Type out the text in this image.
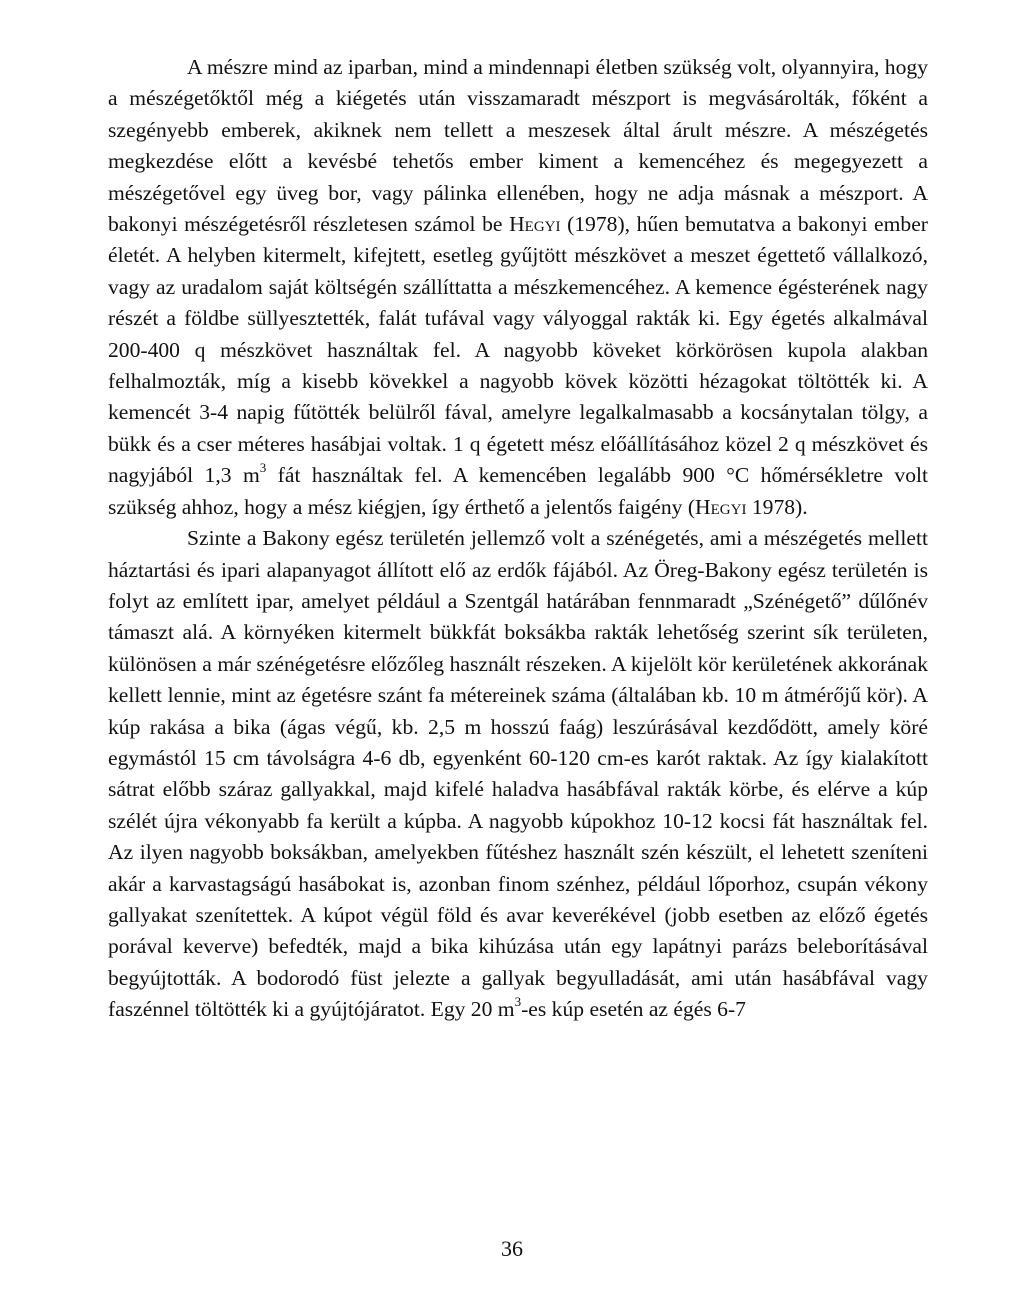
A mészre mind az iparban, mind a mindennapi életben szükség volt, olyannyira, hogy a mészégetőktől még a kiégetés után visszamaradt mészport is megvásárolták, főként a szegényebb emberek, akiknek nem tellett a meszesek által árult mészre. A mészégetés megkezdése előtt a kevésbé tehetős ember kiment a kemencéhez és megegyezett a mészégetővel egy üveg bor, vagy pálinka ellenében, hogy ne adja másnak a mészport. A bakonyi mészégetésről részletesen számol be Hegyi (1978), hűen bemutatva a bakonyi ember életét. A helyben kitermelt, kifejtett, esetleg gyűjtött mészkövet a meszet égettető vállalkozó, vagy az uradalom saját költségén szállíttatta a mészkemencéhez. A kemence égésterének nagy részét a földbe süllyesztették, falát tufával vagy vályoggal rakták ki. Egy égetés alkalmával 200-400 q mészkövet használtak fel. A nagyobb köveket körkörösen kupola alakban felhalmozták, míg a kisebb kövekkel a nagyobb kövek közötti hézagokat töltötték ki. A kemencét 3-4 napig fűtötték belülről fával, amelyre legalkalmasabb a kocsánytalan tölgy, a bükk és a cser méteres hasábjai voltak. 1 q égetett mész előállításához közel 2 q mészkövet és nagyjából 1,3 $m^3$ fát használtak fel. A kemencében legalább 900 °C hőmérsékletre volt szükség ahhoz, hogy a mész kiégjen, így érthető a jelentős faigény (Hegyi 1978).

Szinte a Bakony egész területén jellemző volt a szénégetés, ami a mészégetés mellett háztartási és ipari alapanyagot állított elő az erdők fájából. Az Öreg-Bakony egész területén is folyt az említett ipar, amelyet például a Szentgál határában fennmaradt „Szénégető” dűlőnév támaszt alá. A környéken kitermelt bükkfát boksákba rakták lehetőség szerint sík területen, különösen a már szénégetésre előzőleg használt részeken. A kijelölt kör kerületének akkorának kellett lennie, mint az égetésre szánt fa métereinek száma (általában kb. 10 m átmérőjű kör). A kúp rakása a bika (ágas végű, kb. 2,5 m hosszú faág) leszúrásával kezdődött, amely köré egymástól 15 cm távolságra 4-6 db, egyenként 60-120 cm-es karót raktak. Az így kialakított sátrat előbb száraz gallyakkal, majd kifelé haladva hasábfával rakták körbe, és elérve a kúp szélét újra vékonyabb fa került a kúpba. A nagyobb kúpokhoz 10-12 kocsi fát használtak fel. Az ilyen nagyobb boksákban, amelyekben fűtéshez használt szén készült, el lehetett szeníteni akár a karvastagságú hasábokat is, azonban finom szénhez, például lőporhoz, csupán vékony gallyakat szenítettek. A kúpot végül föld és avar keverékével (jobb esetben az előző égetés porával keverve) befedték, majd a bika kihúzása után egy lapátnyi parázs beleborításával begyújtották. A bodorodó füst jelezte a gallyak begyulladását, ami után hasábfával vagy faszénnel töltötték ki a gyújtójáratot. Egy 20 $m^3-es$ kúp esetén az égés 6-7

36
